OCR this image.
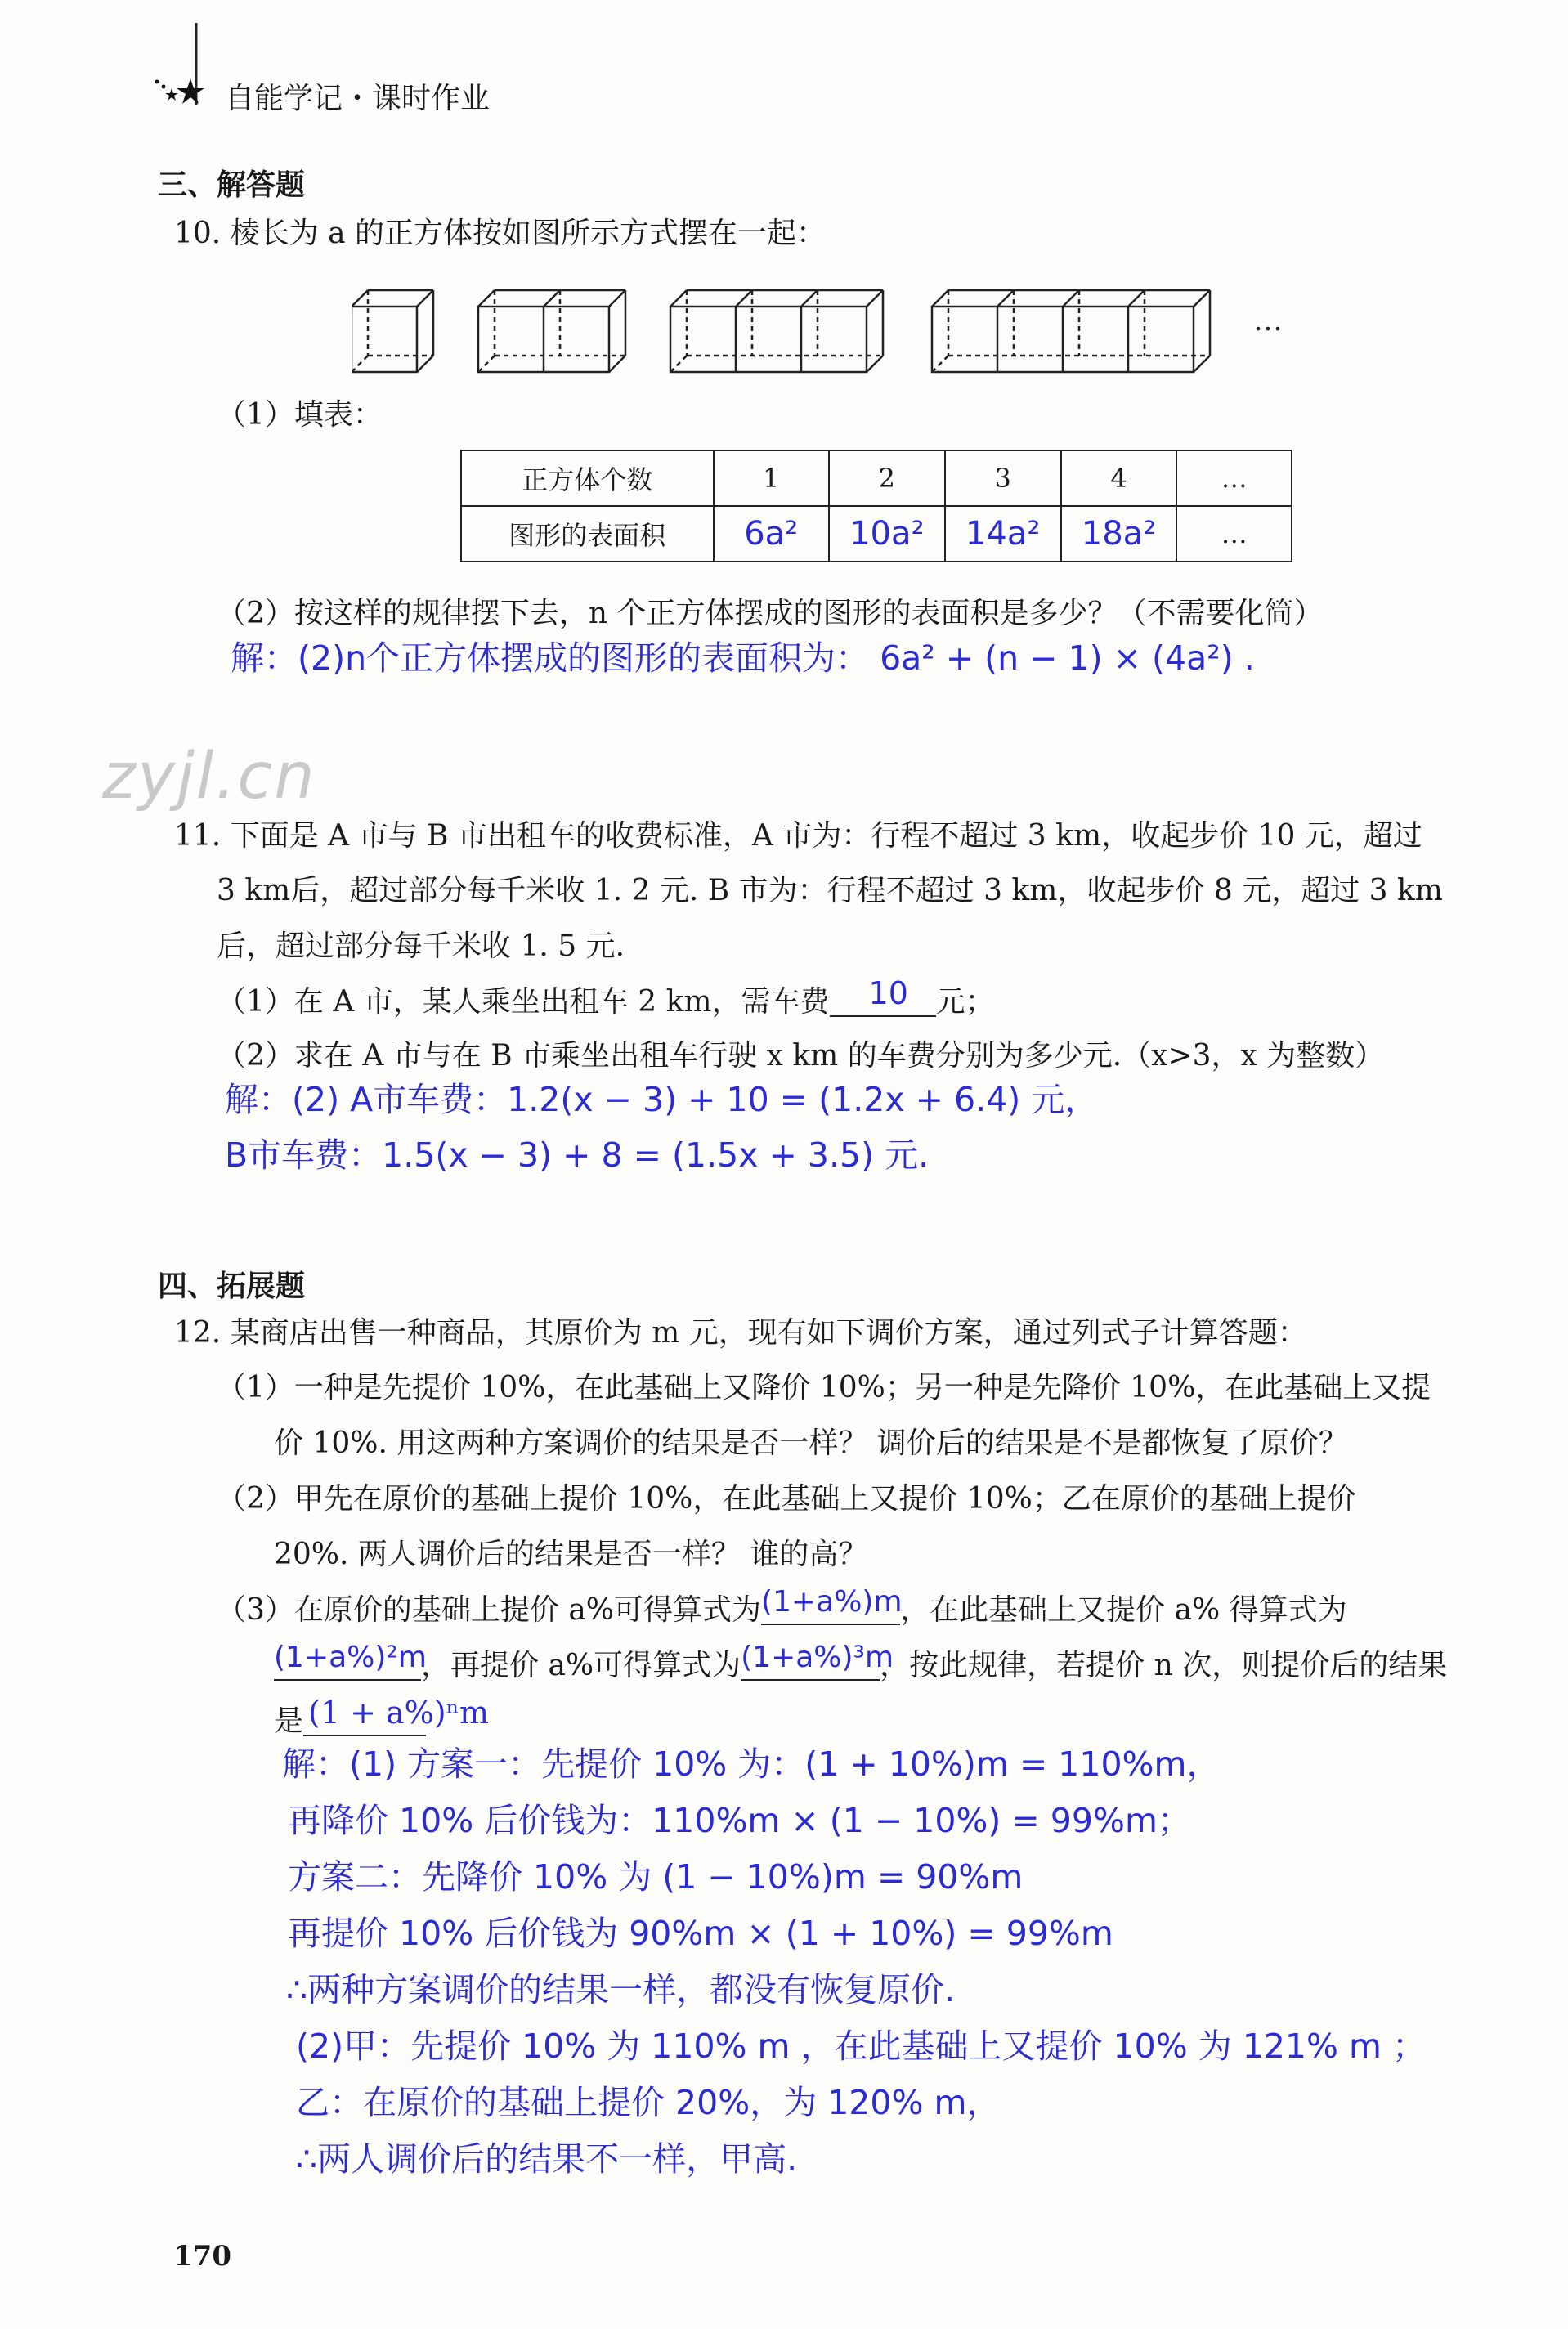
自能学记・课时作业
三、解答题
10. 棱长为 a 的正方体按如图所示方式摆在一起：
…
（1）填表：
正方体个数	1	2	3	4	…
图形的表面积	6a²	10a²	14a²	18a²	…
（2）按这样的规律摆下去，n 个正方体摆成的图形的表面积是多少？（不需要化简）
解：(2)n个正方体摆成的图形的表面积为： 6a² + (n − 1) × (4a²) .
zyjl.cn
11. 下面是 A 市与 B 市出租车的收费标准，A 市为：行程不超过 3 km，收起步价 10 元，超过
3 km后，超过部分每千米收 1. 2 元. B 市为：行程不超过 3 km，收起步价 8 元，超过 3 km
后，超过部分每千米收 1. 5 元.
（1）在 A 市，某人乘坐出租车 2 km，需车费 10 元；
（2）求在 A 市与在 B 市乘坐出租车行驶 x km 的车费分别为多少元.（x>3，x 为整数）
解：(2) A市车费：1.2(x − 3) + 10 = (1.2x + 6.4) 元，
B市车费：1.5(x − 3) + 8 = (1.5x + 3.5) 元.
四、拓展题
12. 某商店出售一种商品，其原价为 m 元，现有如下调价方案，通过列式子计算答题：
（1）一种是先提价 10%，在此基础上又降价 10%；另一种是先降价 10%，在此基础上又提
价 10%. 用这两种方案调价的结果是否一样？ 调价后的结果是不是都恢复了原价？
（2）甲先在原价的基础上提价 10%，在此基础上又提价 10%；乙在原价的基础上提价
20%. 两人调价后的结果是否一样？ 谁的高？
（3）在原价的基础上提价 a%可得算式为 (1+a%)m
，在此基础上又提价 a% 得算式为
(1+a%)²m
，再提价 a%可得算式为 (1+a%)³m
，按此规律，若提价 n 次，则提价后的结果
是 (1 + a%)ⁿm
解：(1) 方案一：先提价 10% 为：(1 + 10%)m = 110%m，
再降价 10% 后价钱为：110%m × (1 − 10%) = 99%m；
方案二：先降价 10% 为 (1 − 10%)m = 90%m
再提价 10% 后价钱为 90%m × (1 + 10%) = 99%m
∴两种方案调价的结果一样，都没有恢复原价.
(2)甲：先提价 10% 为 110% m ，在此基础上又提价 10% 为 121% m ；
乙：在原价的基础上提价 20%，为 120% m，
∴两人调价后的结果不一样，甲高.
170
